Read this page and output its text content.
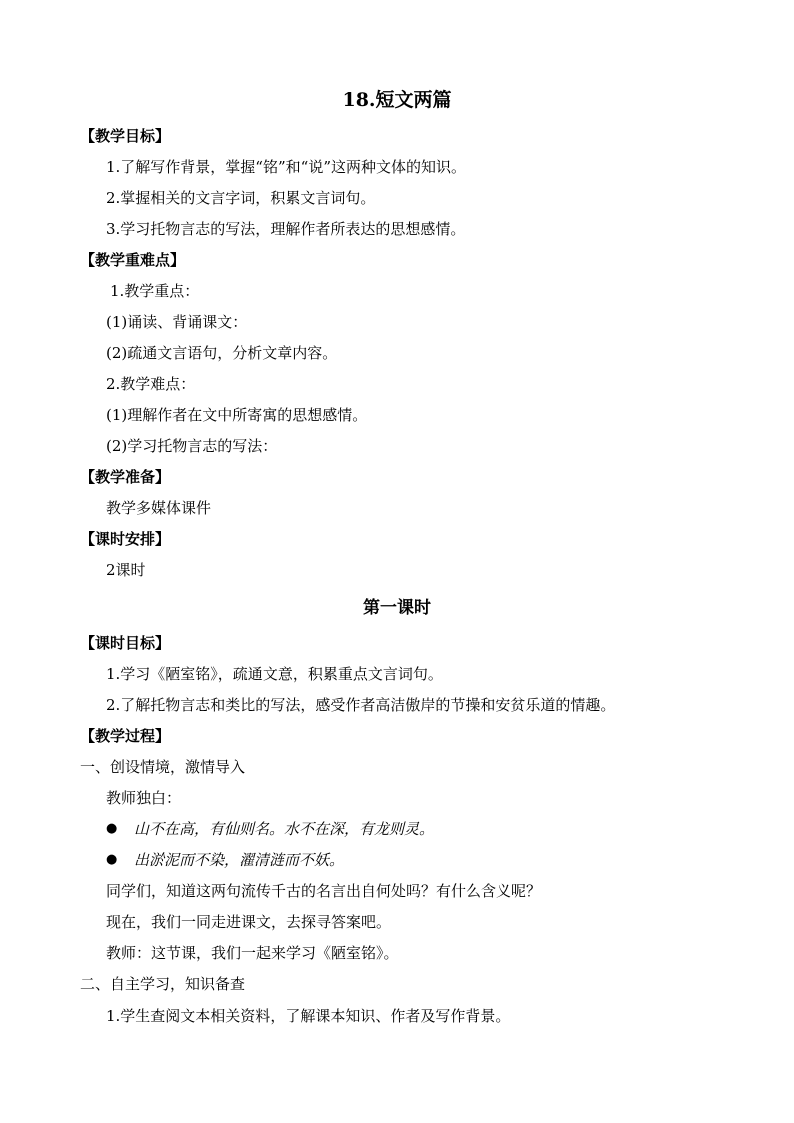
18.短文两篇
【教学目标】
1.了解写作背景，掌握“铭”和“说”这两种文体的知识。
2.掌握相关的文言字词，积累文言词句。
3.学习托物言志的写法，理解作者所表达的思想感情。
【教学重难点】
1.教学重点：
(1)诵读、背诵课文：
(2)疏通文言语句，分析文章内容。
2.教学难点：
(1)理解作者在文中所寄寓的思想感情。
(2)学习托物言志的写法：
【教学准备】
教学多媒体课件
【课时安排】
2课时
第一课时
【课时目标】
1.学习《陋室铭》，疏通文意，积累重点文言词句。
2.了解托物言志和类比的写法，感受作者高洁傲岸的节操和安贫乐道的情趣。
【教学过程】
一、创设情境，激情导入
教师独白：
● 山不在高，有仙则名。水不在深，有龙则灵。
● 出淤泥而不染，濯清涟而不妖。
同学们，知道这两句流传千古的名言出自何处吗？有什么含义呢？
现在，我们一同走进课文，去探寻答案吧。
教师：这节课，我们一起来学习《陋室铭》。
二、自主学习，知识备查
1.学生查阅文本相关资料，了解课本知识、作者及写作背景。
